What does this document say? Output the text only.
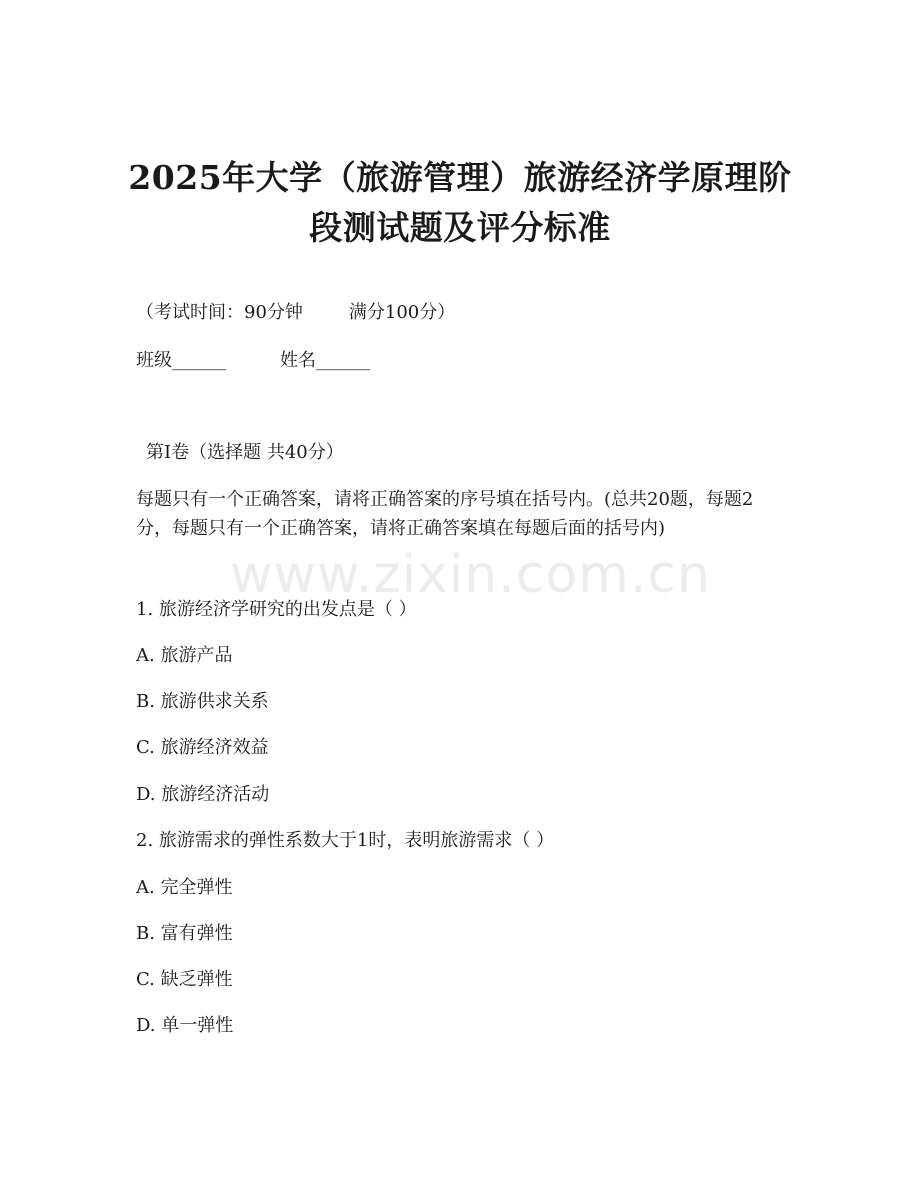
2025年大学（旅游管理）旅游经济学原理阶
段测试题及评分标准
（考试时间：90分钟	满分100分）
班级______	姓名______
第I卷（选择题 共40分）
每题只有一个正确答案，请将正确答案的序号填在括号内。(总共20题，每题2分，每题只有一个正确答案，请将正确答案填在每题后面的括号内)
1. 旅游经济学研究的出发点是（ ）
A. 旅游产品
B. 旅游供求关系
C. 旅游经济效益
D. 旅游经济活动
2. 旅游需求的弹性系数大于1时，表明旅游需求（ ）
A. 完全弹性
B. 富有弹性
C. 缺乏弹性
D. 单一弹性
www.zixin.com.cn
